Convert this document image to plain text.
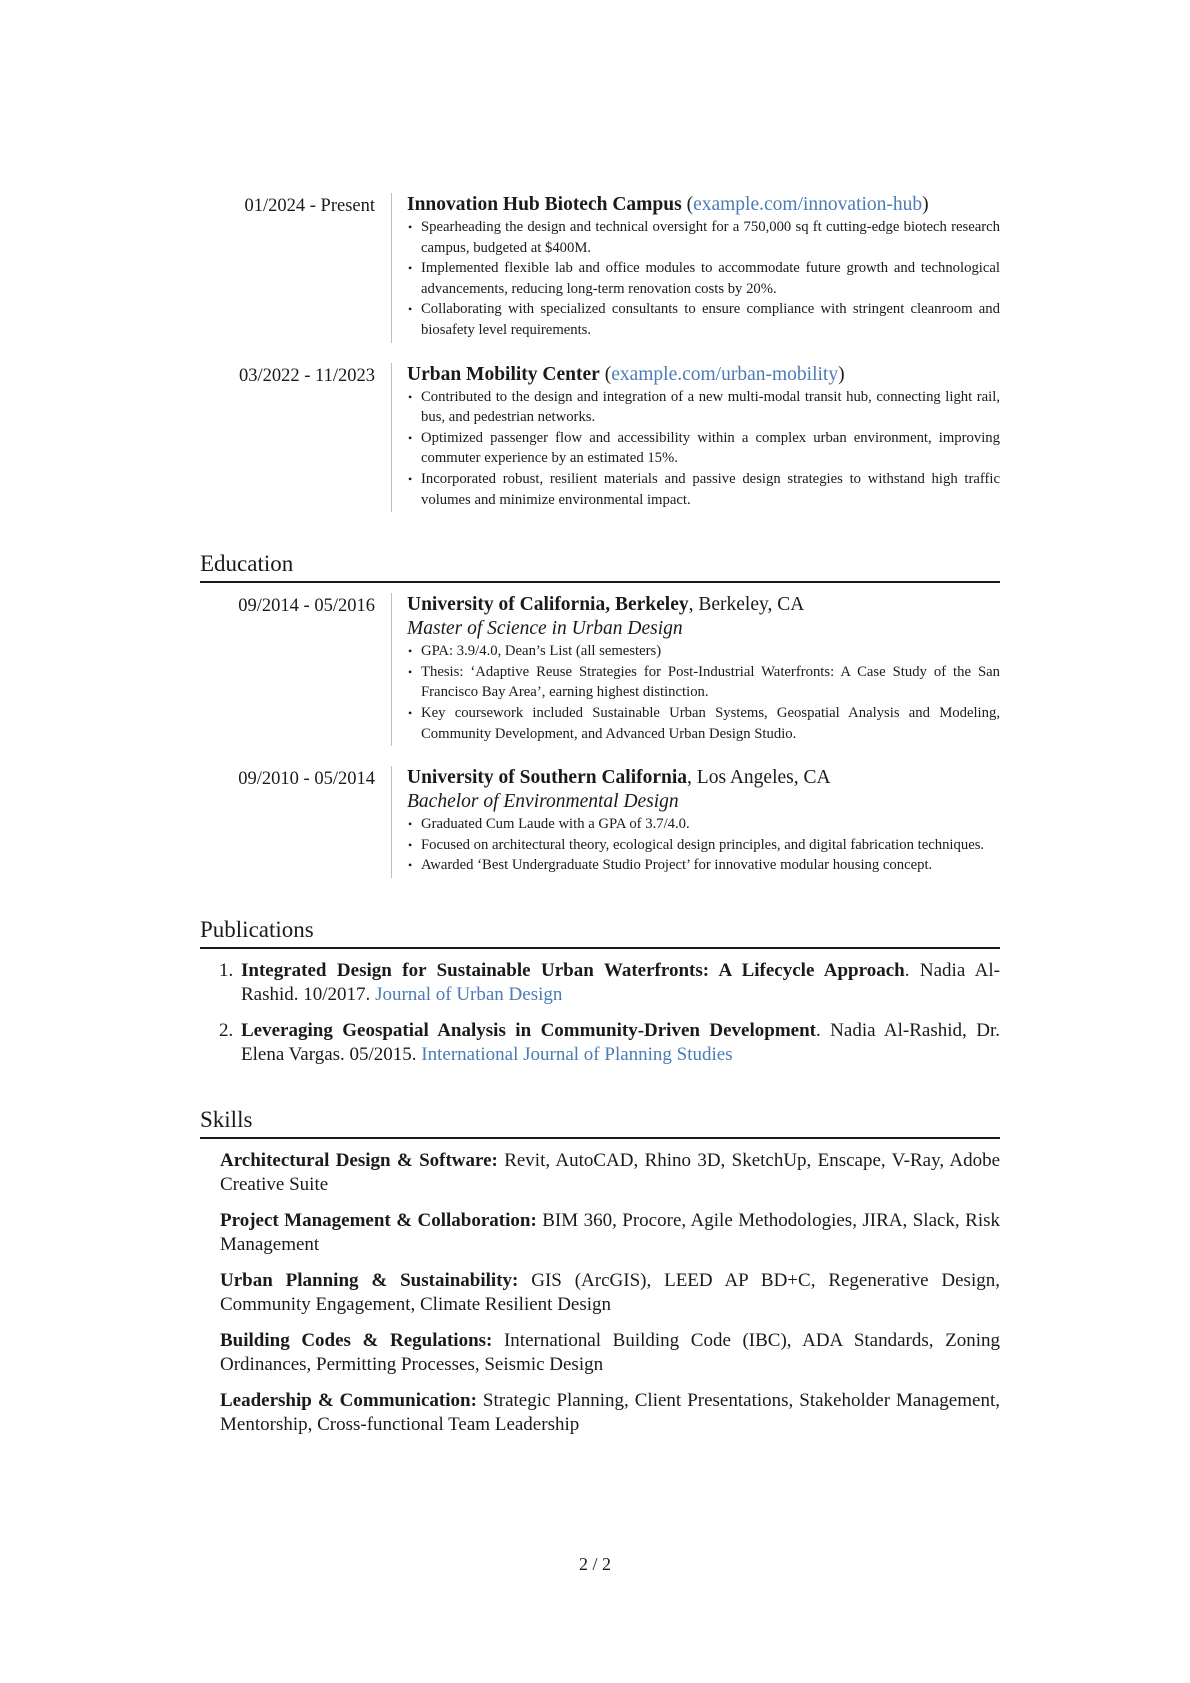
01/2024 - Present	Innovation Hub Biotech Campus (example.com/innovation-hub)
• Spearheading the design and technical oversight for a 750,000 sq ft cutting-edge biotech research campus, budgeted at $400M.
• Implemented flexible lab and office modules to accommodate future growth and technological advancements, reducing long-term renovation costs by 20%.
• Collaborating with specialized consultants to ensure compliance with stringent cleanroom and biosafety level requirements.
03/2022 - 11/2023	Urban Mobility Center (example.com/urban-mobility)
• Contributed to the design and integration of a new multi-modal transit hub, connecting light rail, bus, and pedestrian networks.
• Optimized passenger flow and accessibility within a complex urban environment, improving commuter experience by an estimated 15%.
• Incorporated robust, resilient materials and passive design strategies to withstand high traffic volumes and minimize environmental impact.
Education
09/2014 - 05/2016	University of California, Berkeley, Berkeley, CA
Master of Science in Urban Design
• GPA: 3.9/4.0, Dean’s List (all semesters)
• Thesis: ‘Adaptive Reuse Strategies for Post-Industrial Waterfronts: A Case Study of the San Francisco Bay Area’, earning highest distinction.
• Key coursework included Sustainable Urban Systems, Geospatial Analysis and Modeling, Community Development, and Advanced Urban Design Studio.
09/2010 - 05/2014	University of Southern California, Los Angeles, CA
Bachelor of Environmental Design
• Graduated Cum Laude with a GPA of 3.7/4.0.
• Focused on architectural theory, ecological design principles, and digital fabrication techniques.
• Awarded ‘Best Undergraduate Studio Project’ for innovative modular housing concept.
Publications
1. Integrated Design for Sustainable Urban Waterfronts: A Lifecycle Approach. Nadia Al-Rashid. 10/2017. Journal of Urban Design
2. Leveraging Geospatial Analysis in Community-Driven Development. Nadia Al-Rashid, Dr. Elena Vargas. 05/2015. International Journal of Planning Studies
Skills
Architectural Design & Software: Revit, AutoCAD, Rhino 3D, SketchUp, Enscape, V-Ray, Adobe Creative Suite
Project Management & Collaboration: BIM 360, Procore, Agile Methodologies, JIRA, Slack, Risk Management
Urban Planning & Sustainability: GIS (ArcGIS), LEED AP BD+C, Regenerative Design, Community Engagement, Climate Resilient Design
Building Codes & Regulations: International Building Code (IBC), ADA Standards, Zoning Ordinances, Permitting Processes, Seismic Design
Leadership & Communication: Strategic Planning, Client Presentations, Stakeholder Management, Mentorship, Cross-functional Team Leadership
2 / 2
